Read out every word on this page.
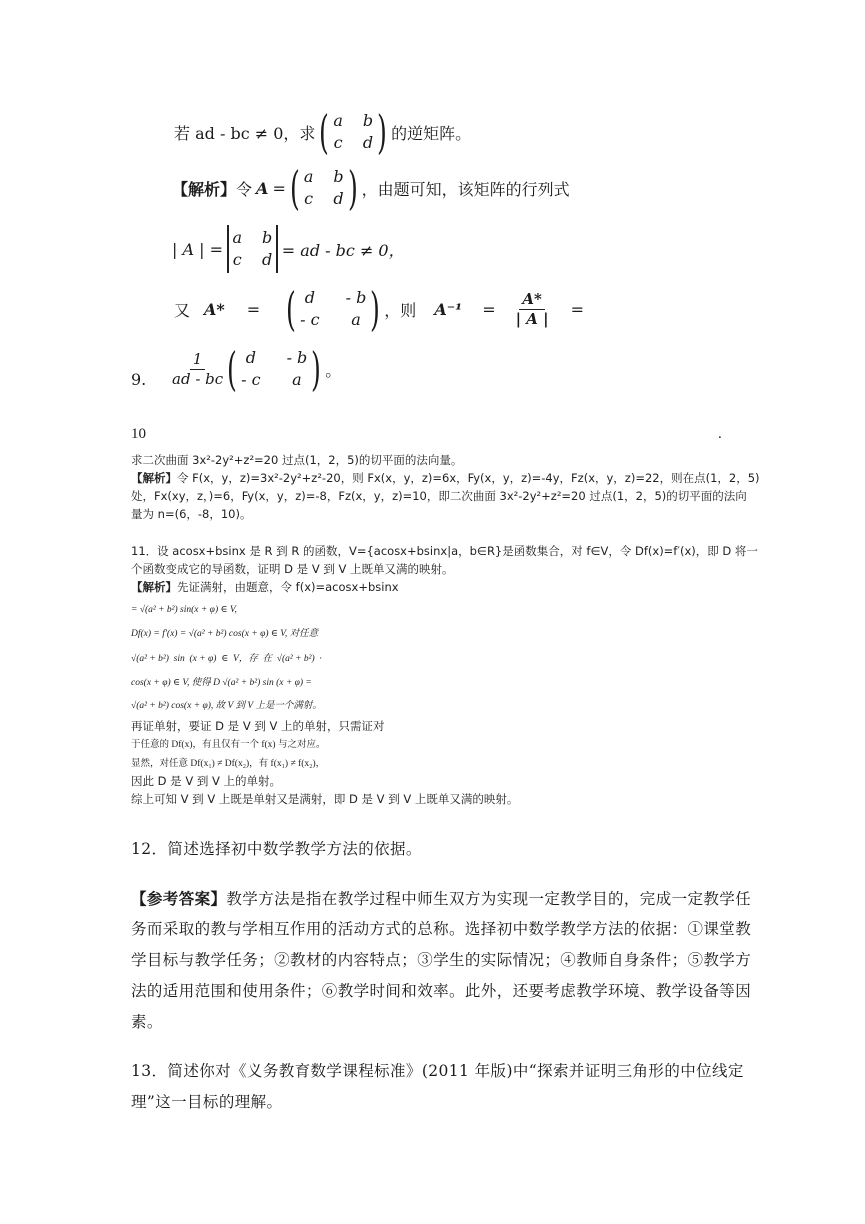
若 ad - bc ≠ 0，求 ( a b
c d ) 的逆矩阵。
【解析】 令 A = ( a b
c d ) ，由题可知，该矩阵的行列式
| A | =
a b
c d = ad - bc ≠ 0，
又 A* = ( d - b
- c	a ) ，则 $A^{-1} = \frac{A*}{| A |}$ =
9. $\frac{1}{ad - bc}$ ( d - b
- c	a ) 。
10	.
求二次曲面 3x²-2y²+z²=20 过点(1，2，5)的切平面的法向量。
【解析】令 F(x，y，z)=3x²-2y²+z²-20，则 Fx(x，y，z)=6x，Fy(x，y，z)=-4y，Fz(x，y，z)=22，则在点(1，2，5)
处，Fx(xy，z，)=6，Fy(x，y，z)=-8，Fz(x，y，z)=10，即二次曲面 3x²-2y²+z²=20 过点(1，2，5)的切平面的法向
量为 n=(6，-8，10)。
11．设 acosx+bsinx 是 R 到 R 的函数，V={acosx+bsinx|a，b∈R}是函数集合，对 f∈V，令 Df(x)=f′(x)，即 D 将一
个函数变成它的导函数，证明 D 是 V 到 V 上既单又满的映射。
【解析】先证满射，由题意，令 f(x)=acosx+bsinx
= √(a² + b²) sin(x + φ) ∈ V,
Df(x) = f′(x) = √(a² + b²) cos(x + φ) ∈ V, 对任意
√(a² + b²)  sin  (x + φ)  ∈  V，存  在  √(a² + b²)  ·
cos(x + φ) ∈ V, 使得 D √(a² + b²) sin (x + φ) =
√(a² + b²) cos(x + φ), 故 V 到 V 上是一个满射。
再证单射，要证 D 是 V 到 V 上的单射，只需证对
于任意的 Df(x)，有且仅有一个 f(x) 与之对应。
显然，对任意 Df(x₁) ≠ Df(x₂)，有 f(x₁) ≠ f(x₂)，
因此 D 是 V 到 V 上的单射。
综上可知 V 到 V 上既是单射又是满射，即 D 是 V 到 V 上既单又满的映射。
12．简述选择初中数学教学方法的依据。
【参考答案】教学方法是指在教学过程中师生双方为实现一定教学目的，完成一定教学任
务而采取的教与学相互作用的活动方式的总称。选择初中数学教学方法的依据：①课堂教
学目标与教学任务；②教材的内容特点；③学生的实际情况；④教师自身条件；⑤教学方
法的适用范围和使用条件；⑥教学时间和效率。此外，还要考虑教学环境、教学设备等因
素。
13．简述你对《义务教育数学课程标准》(2011 年版)中“探索并证明三角形的中位线定
理”这一目标的理解。
